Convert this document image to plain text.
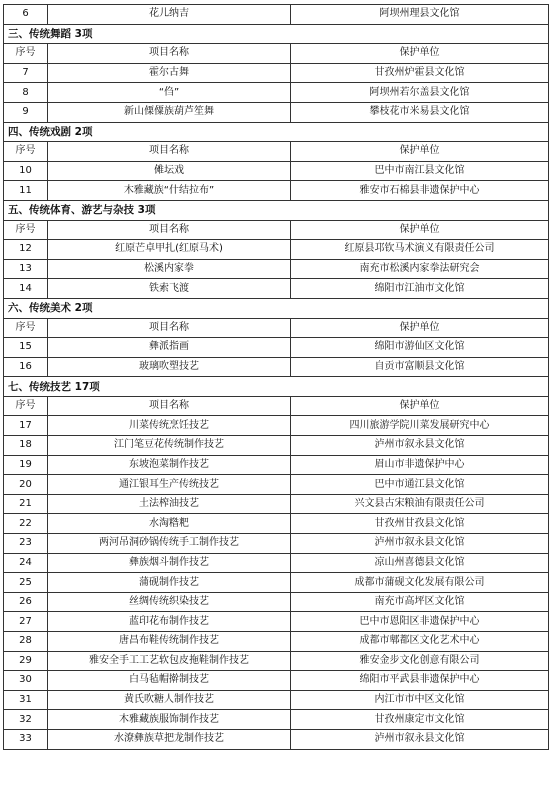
6	花儿纳吉	阿坝州理县文化馆
三、传统舞蹈 3项		
序号	项目名称	保护单位
7	霍尔古舞	甘孜州炉霍县文化馆
8	“㑇”	阿坝州若尔盖县文化馆
9	新山傈僳族葫芦笙舞	攀枝花市米易县文化馆
四、传统戏剧 2项		
序号	项目名称	保护单位
10	傩坛戏	巴中市南江县文化馆
11	木雅藏族“什结拉布”	雅安市石棉县非遗保护中心
五、传统体育、游艺与杂技 3项		
序号	项目名称	保护单位
12	红原芒卓甲扎(红原马术)	红原县邛钦马术演义有限责任公司
13	松溪内家拳	南充市松溪内家拳法研究会
14	铁索飞渡	绵阳市江油市文化馆
六、传统美术 2项		
序号	项目名称	保护单位
15	彝派指画	绵阳市游仙区文化馆
16	玻璃吹塑技艺	自贡市富顺县文化馆
七、传统技艺 17项		
序号	项目名称	保护单位
17	川菜传统烹饪技艺	四川旅游学院川菜发展研究中心
18	江门笔豆花传统制作技艺	泸州市叙永县文化馆
19	东坡泡菜制作技艺	眉山市非遗保护中心
20	通江银耳生产传统技艺	巴中市通江县文化馆
21	土法榨油技艺	兴文县古宋粮油有限责任公司
22	水淘糌粑	甘孜州甘孜县文化馆
23	两河吊洞砂锅传统手工制作技艺	泸州市叙永县文化馆
24	彝族烟斗制作技艺	凉山州喜德县文化馆
25	蒲砚制作技艺	成都市蒲砚文化发展有限公司
26	丝绸传统织染技艺	南充市高坪区文化馆
27	蓝印花布制作技艺	巴中市恩阳区非遗保护中心
28	唐昌布鞋传统制作技艺	成都市郫都区文化艺术中心
29	雅安全手工工艺软包皮拖鞋制作技艺	雅安金步文化创意有限公司
30	白马毡帽擀制技艺	绵阳市平武县非遗保护中心
31	黄氏吹糖人制作技艺	内江市市中区文化馆
32	木雅藏族服饰制作技艺	甘孜州康定市文化馆
33	水潦彝族草把龙制作技艺	泸州市叙永县文化馆
